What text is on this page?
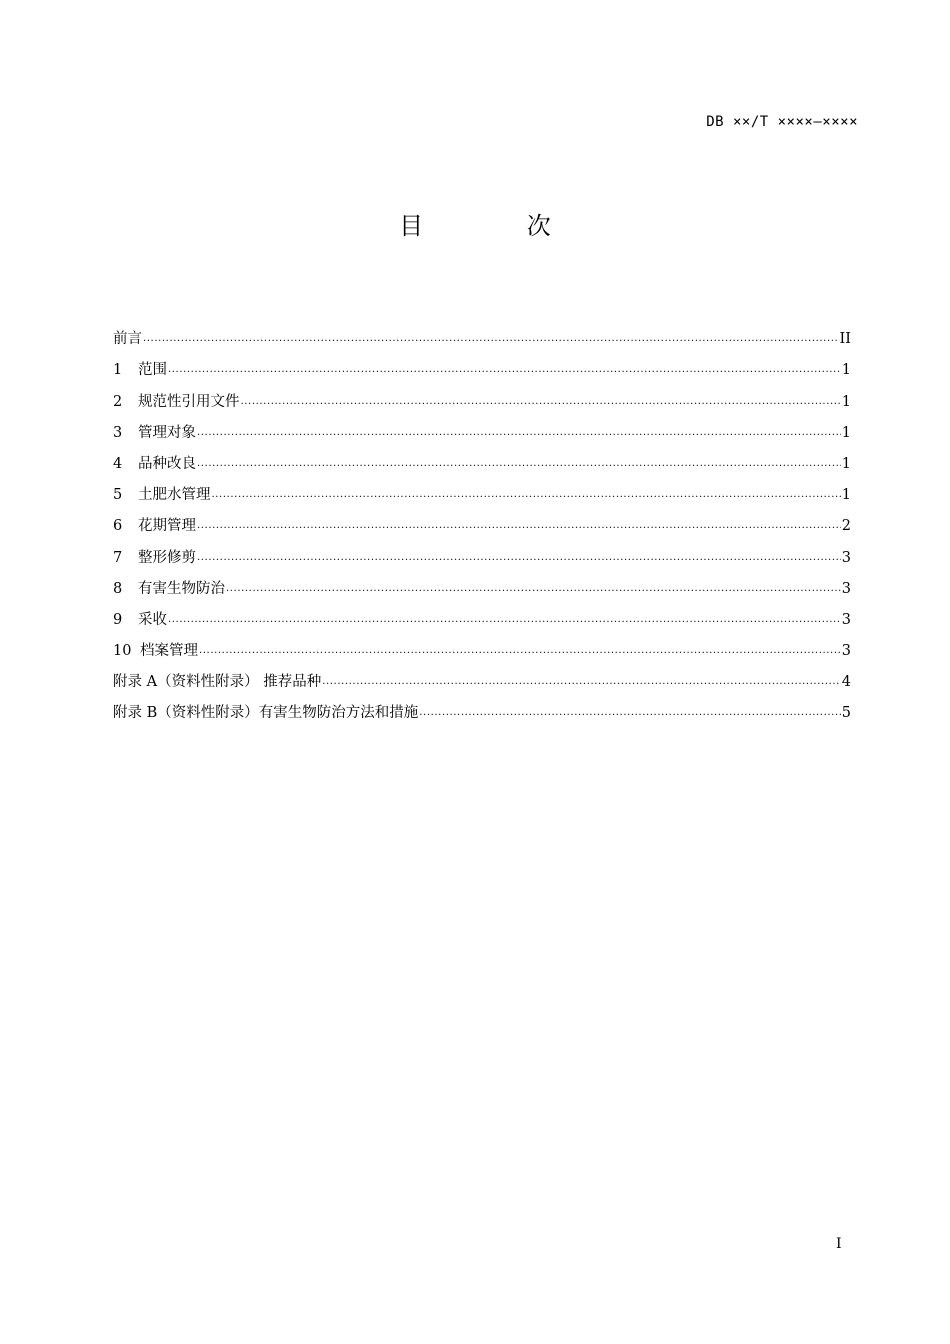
DB ××/T ××××—××××
目 次
前言 .....	II
1 范围 .....	1
2 规范性引用文件 .....	1
3 管理对象 .....	1
4 品种改良 .....	1
5 土肥水管理 .....	1
6 花期管理 .....	2
7 整形修剪 .....	3
8 有害生物防治 .....	3
9 采收 .....	3
10 档案管理 .....	3
附录 A（资料性附录） 推荐品种 .....	4
附录 B（资料性附录）有害生物防治方法和措施 .....	5
I
